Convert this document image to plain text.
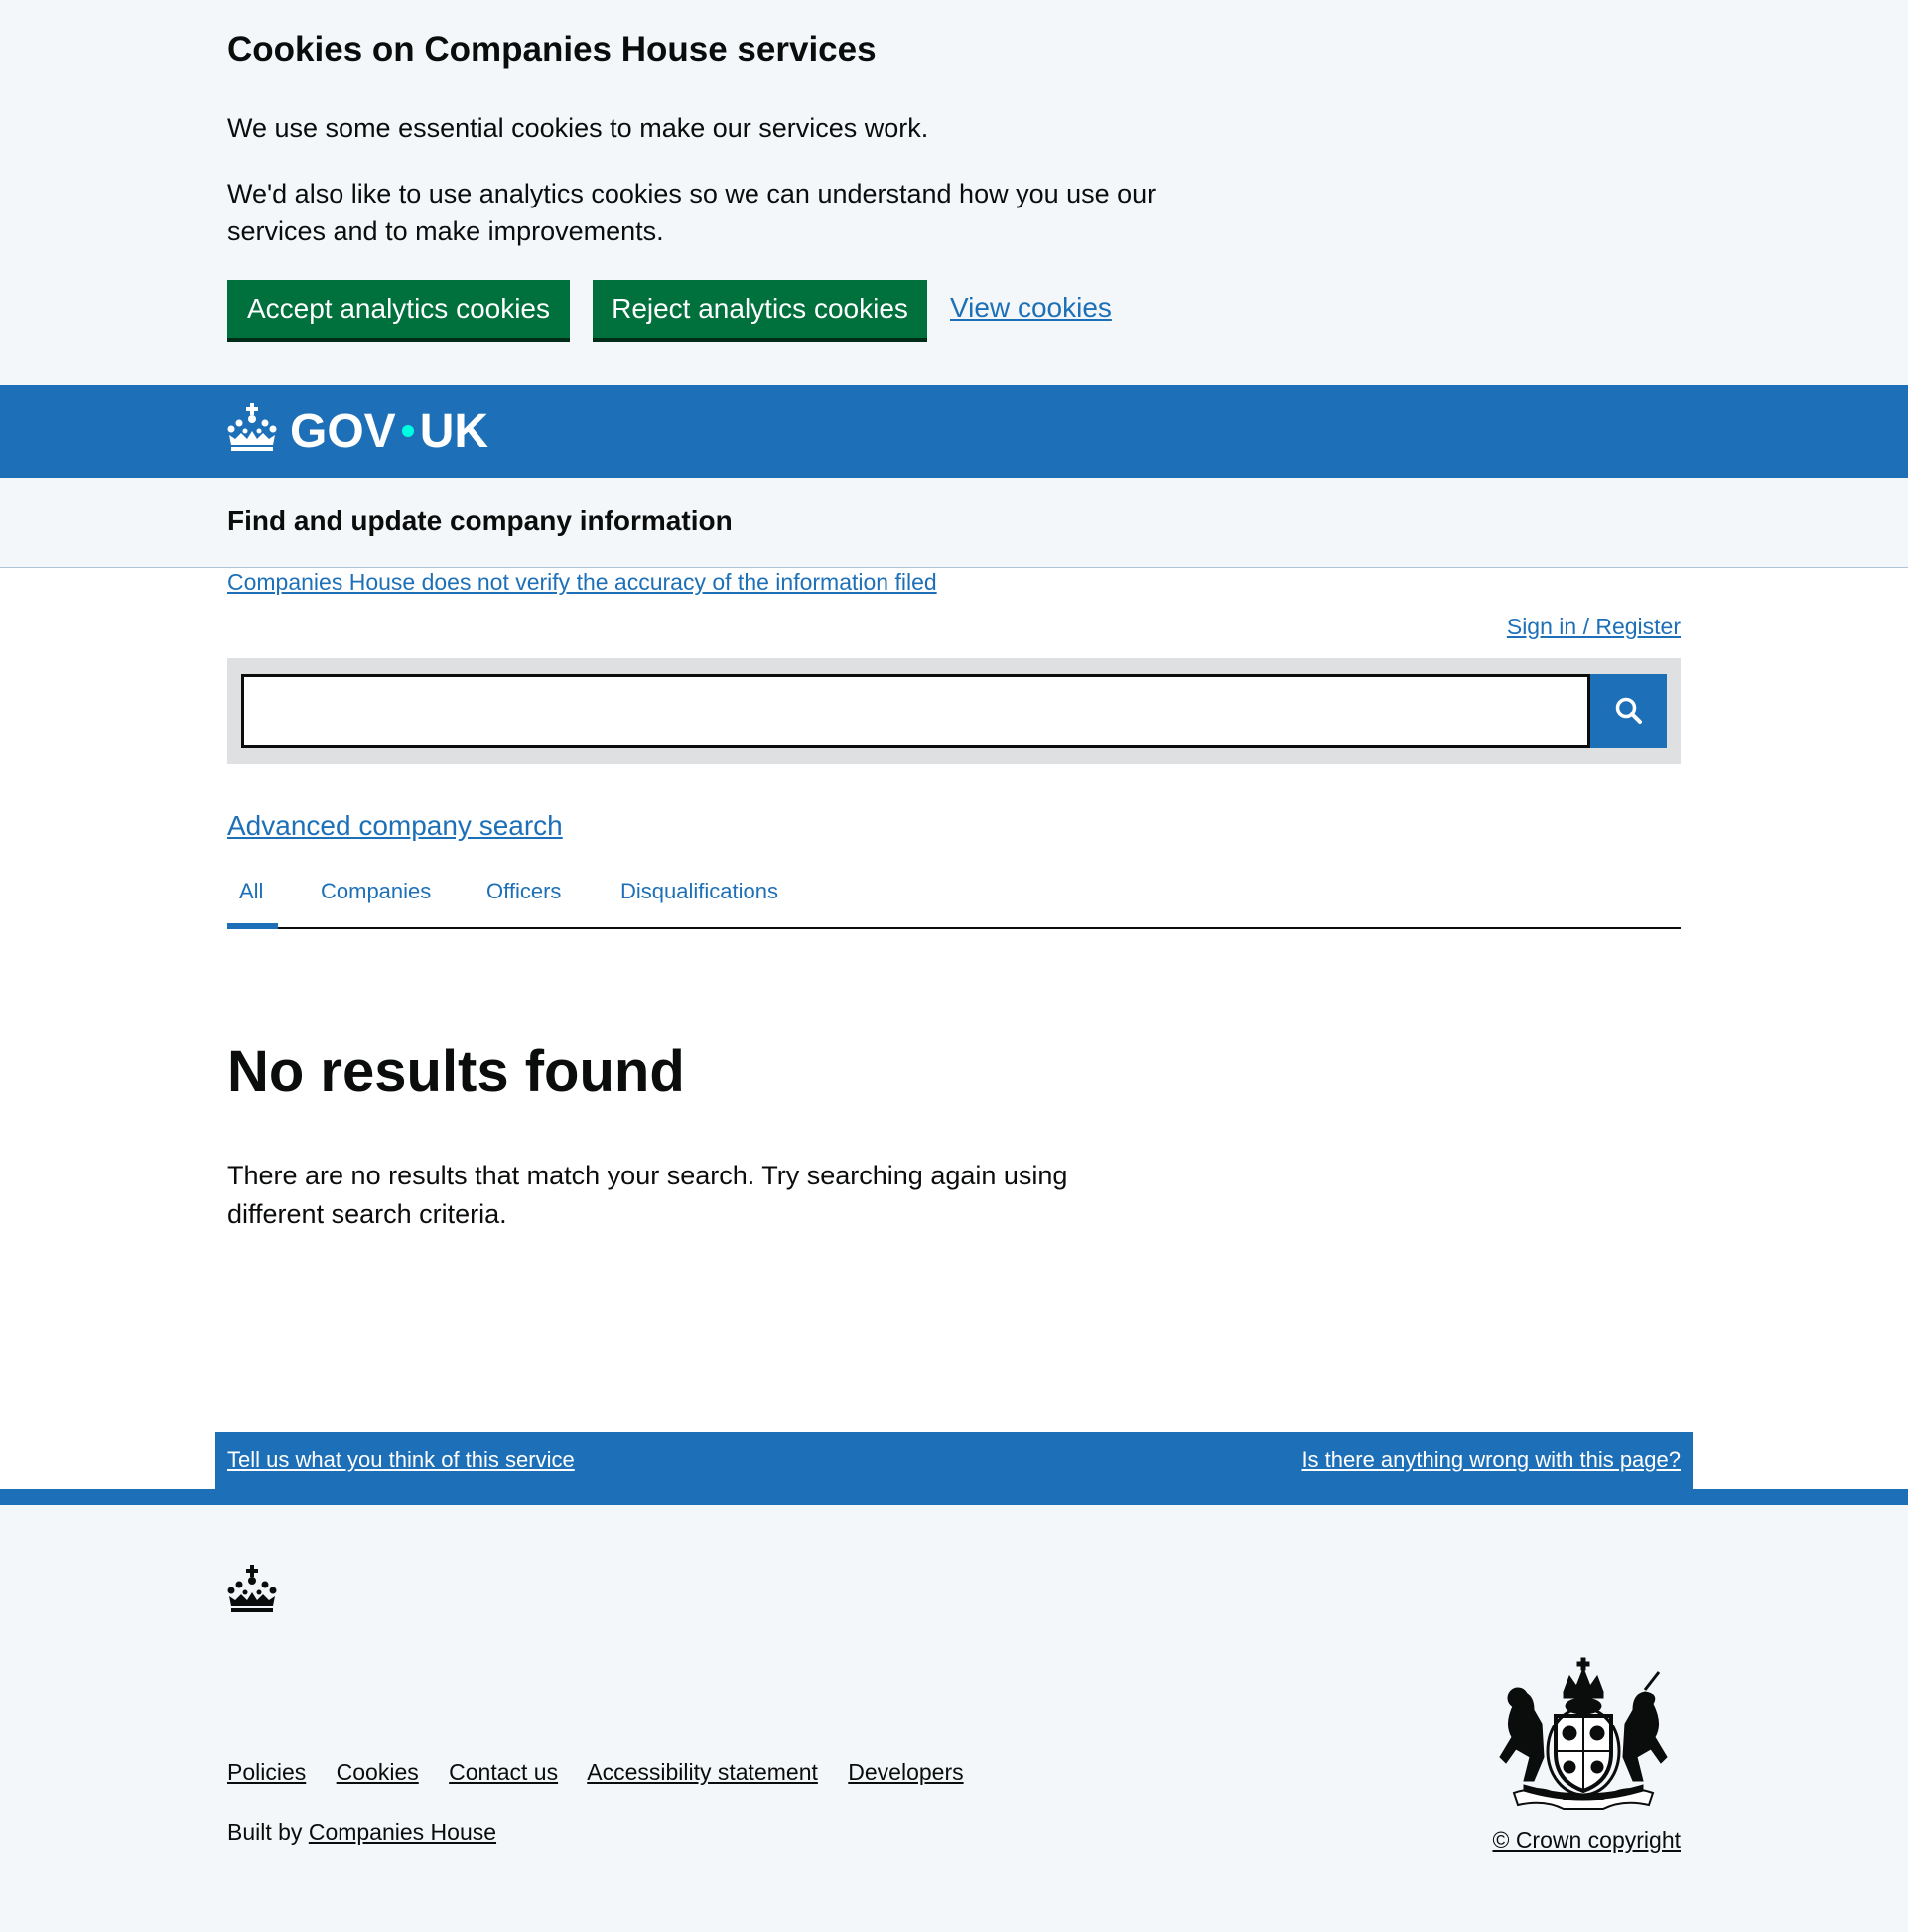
Cookies on Companies House services

We use some essential cookies to make our services work.

We'd also like to use analytics cookies so we can understand how you use our services and to make improvements.

Accept analytics cookies	Reject analytics cookies	View cookies
GOV UK
Find and update company information
Companies House does not verify the accuracy of the information filed
Sign in / Register
Advanced company search
All	Companies	Officers	Disqualifications
No results found

There are no results that match your search. Try searching again using different search criteria.

Tell us what you think of this service	Is there anything wrong with this page?
Policies Cookies Contact us Accessibility statement Developers
Built by Companies House	© Crown copyright
